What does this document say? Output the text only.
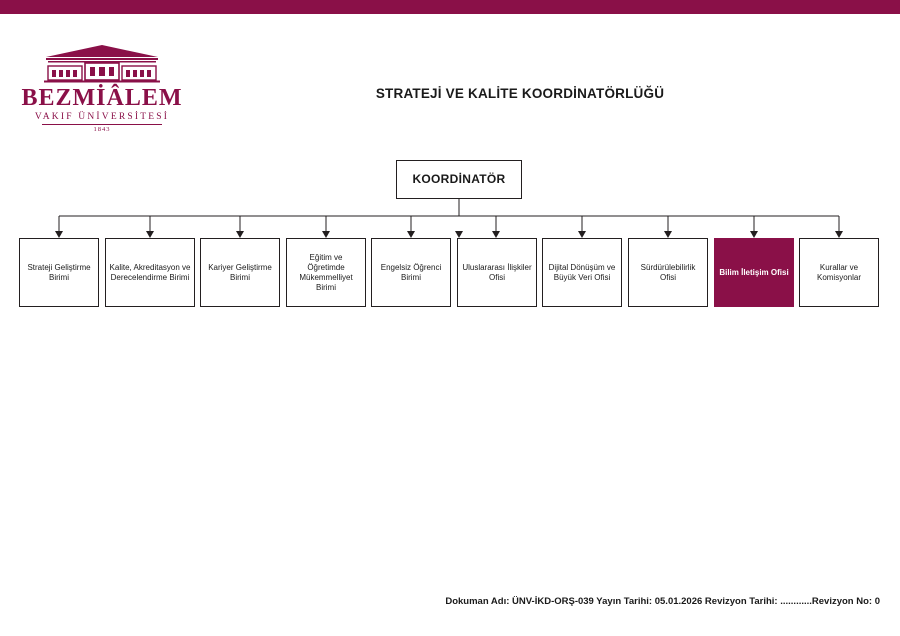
BEZMİÂLEM
VAKIF ÜNİVERSİTESİ
1843
STRATEJİ VE KALİTE KOORDİNATÖRLÜĞÜ
KOORDİNATÖR
Strateji Geliştirme Birimi
Kalite, Akreditasyon ve Derecelendirme Birimi
Kariyer Geliştirme Birimi
Eğitim ve Öğretimde Mükemmelliyet Birimi
Engelsiz Öğrenci Birimi
Uluslararası İlişkiler Ofisi
Dijital Dönüşüm ve Büyük Veri Ofisi
Sürdürülebilirlik Ofisi
Bilim İletişim Ofisi
Kurallar ve Komisyonlar
Dokuman Adı: ÜNV-İKD-ORŞ-039 Yayın Tarihi: 05.01.2026 Revizyon Tarihi: ............Revizyon No: 0
